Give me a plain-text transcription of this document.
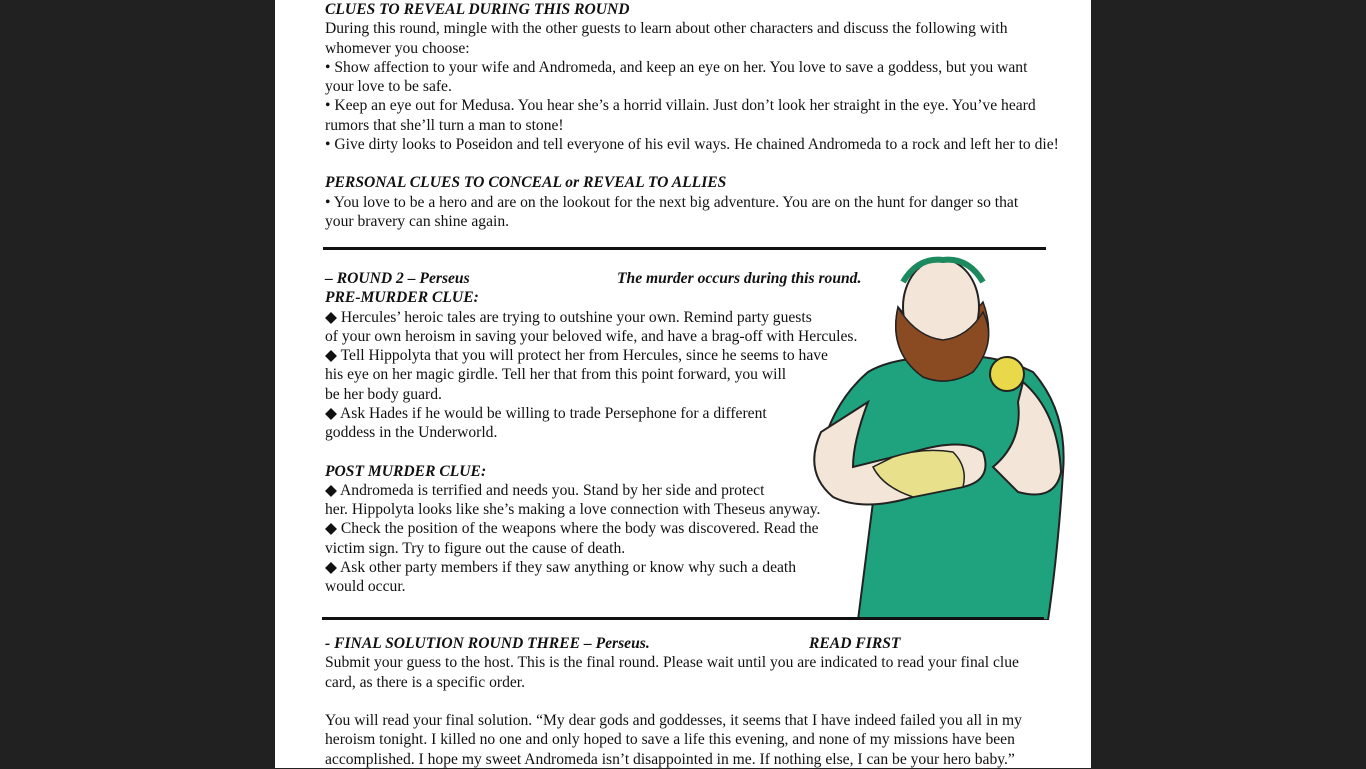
CLUES TO REVEAL DURING THIS ROUND
During this round, mingle with the other guests to learn about other characters and discuss the following with
whomever you choose:
• Show affection to your wife and Andromeda, and keep an eye on her. You love to save a goddess, but you want
your love to be safe.
• Keep an eye out for Medusa. You hear she’s a horrid villain. Just don’t look her straight in the eye. You’ve heard
rumors that she’ll turn a man to stone!
• Give dirty looks to Poseidon and tell everyone of his evil ways. He chained Andromeda to a rock and left her to die!
PERSONAL CLUES TO CONCEAL or REVEAL TO ALLIES
• You love to be a hero and are on the lookout for the next big adventure. You are on the hunt for danger so that
your bravery can shine again.
– ROUND 2 – Perseus	The murder occurs during this round.
PRE-MURDER CLUE:
◆ Hercules’ heroic tales are trying to outshine your own. Remind party guests
of your own heroism in saving your beloved wife, and have a brag-off with Hercules.
◆ Tell Hippolyta that you will protect her from Hercules, since he seems to have
his eye on her magic girdle. Tell her that from this point forward, you will
be her body guard.
◆ Ask Hades if he would be willing to trade Persephone for a different
goddess in the Underworld.
POST MURDER CLUE:
◆ Andromeda is terrified and needs you. Stand by her side and protect
her. Hippolyta looks like she’s making a love connection with Theseus anyway.
◆ Check the position of the weapons where the body was discovered. Read the
victim sign. Try to figure out the cause of death.
◆ Ask other party members if they saw anything or know why such a death
would occur.
- FINAL SOLUTION ROUND THREE – Perseus.	READ FIRST
Submit your guess to the host. This is the final round. Please wait until you are indicated to read your final clue
card, as there is a specific order.
You will read your final solution. “My dear gods and goddesses, it seems that I have indeed failed you all in my
heroism tonight. I killed no one and only hoped to save a life this evening, and none of my missions have been
accomplished. I hope my sweet Andromeda isn’t disappointed in me. If nothing else, I can be your hero baby.”
